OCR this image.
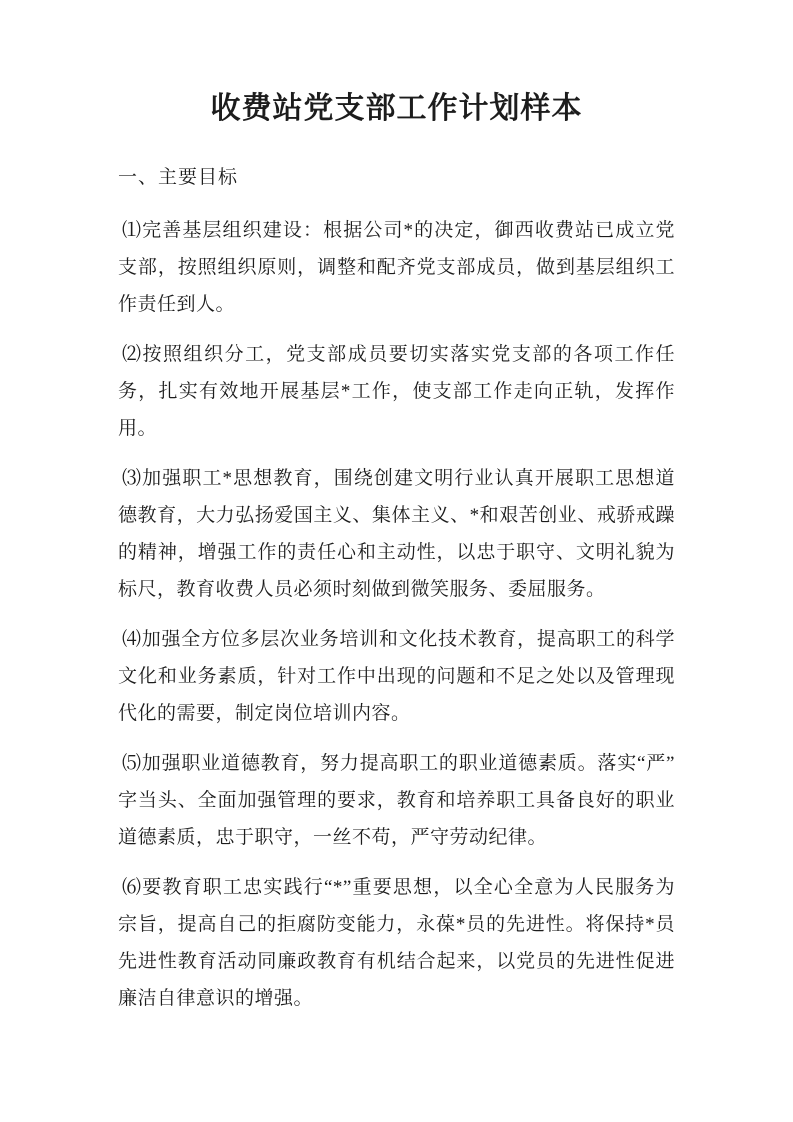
收费站党支部工作计划样本
一、主要目标

⑴完善基层组织建设：根据公司*的决定，御西收费站已成立党支部，按照组织原则，调整和配齐党支部成员，做到基层组织工作责任到人。

⑵按照组织分工，党支部成员要切实落实党支部的各项工作任务，扎实有效地开展基层*工作，使支部工作走向正轨，发挥作用。

⑶加强职工*思想教育，围绕创建文明行业认真开展职工思想道德教育，大力弘扬爱国主义、集体主义、*和艰苦创业、戒骄戒躁的精神，增强工作的责任心和主动性，以忠于职守、文明礼貌为标尺，教育收费人员必须时刻做到微笑服务、委屈服务。

⑷加强全方位多层次业务培训和文化技术教育，提高职工的科学文化和业务素质，针对工作中出现的问题和不足之处以及管理现代化的需要，制定岗位培训内容。

⑸加强职业道德教育，努力提高职工的职业道德素质。落实“严”字当头、全面加强管理的要求，教育和培养职工具备良好的职业道德素质，忠于职守，一丝不苟，严守劳动纪律。

⑹要教育职工忠实践行“*”重要思想，以全心全意为人民服务为宗旨，提高自己的拒腐防变能力，永葆*员的先进性。将保持*员先进性教育活动同廉政教育有机结合起来，以党员的先进性促进廉洁自律意识的增强。
